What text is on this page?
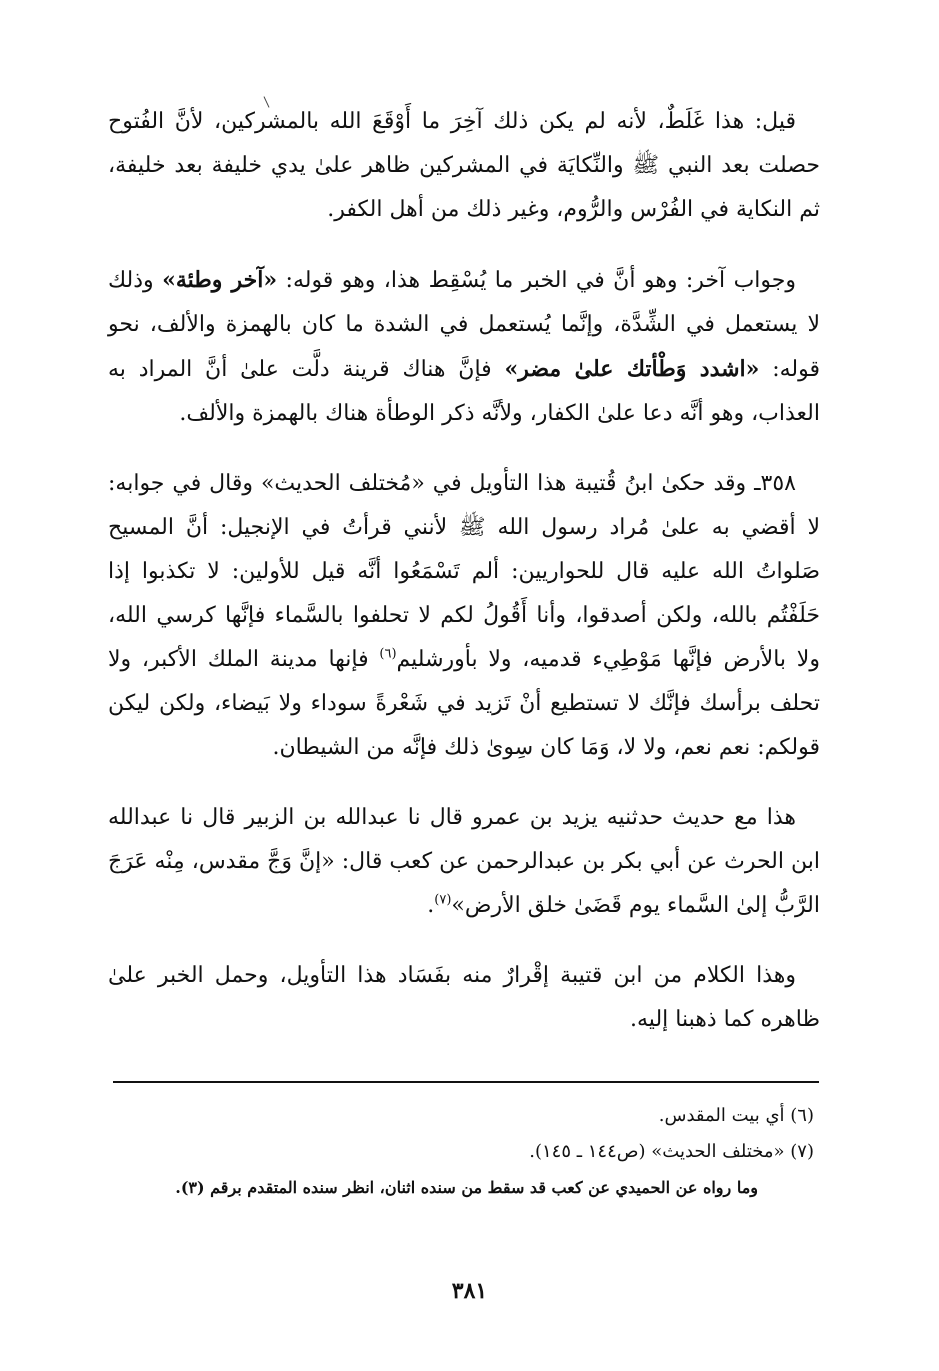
قيل: هذا غَلَطٌ، لأنه لم يكن ذلك آخِرَ ما أَوْقَعَ الله بالمشركين، لأنَّ الفُتوح حصلت بعد النبي ﷺ والنِّكايَة في المشركين ظاهر علىٰ يدي خليفة بعد خليفة، ثم النكاية في الفُرْس والرُّوم، وغير ذلك من أهل الكفر.

وجواب آخر: وهو أنَّ في الخبر ما يُسْقِط هذا، وهو قوله: «آخر وطئة» وذلك لا يستعمل في الشِّدَّة، وإنَّما يُستعمل في الشدة ما كان بالهمزة والألف، نحو قوله: «اشدد وَطْأتك علىٰ مضر» فإنَّ هناك قرينة دلَّت علىٰ أنَّ المراد به العذاب، وهو أنَّه دعا علىٰ الكفار، ولأنَّه ذكر الوطأة هناك بالهمزة والألف.

٣٥٨ـ وقد حكىٰ ابنُ قُتيبة هذا التأويل في «مُختلف الحديث» وقال في جوابه: لا أقضي به علىٰ مُراد رسول الله ﷺ لأنني قرأتُ في الإنجيل: أنَّ المسيح صَلواتُ الله عليه قال للحواريين: ألم تَسْمَعُوا أنَّه قيل للأولين: لا تكذبوا إذا حَلَفْتُم بالله، ولكن أصدقوا، وأنا أَقُولُ لكم لا تحلفوا بالسَّماء فإنَّها كرسي الله، ولا بالأرض فإنَّها مَوْطِيء قدميه، ولا بأورشليم$^{(٦)}$ فإنها مدينة الملك الأكبر، ولا تحلف برأسك فإنَّك لا تستطيع أنْ تَزيد في شَعْرةً سوداء ولا بَيضاء، ولكن ليكن قولكم: نعم نعم، ولا لا، وَمَا كان سِوىٰ ذلك فإنَّه من الشيطان.

هذا مع حديث حدثنيه يزيد بن عمرو قال نا عبدالله بن الزبير قال نا عبدالله ابن الحرث عن أبي بكر بن عبدالرحمن عن كعب قال: «إنَّ وَجَّ مقدس، مِنْه عَرَجَ الرَّبُّ إلىٰ السَّماء يوم قَضَىٰ خلق الأرض»$^{(٧)}$.

وهذا الكلام من ابن قتيبة إقْرارٌ منه بفَسَاد هذا التأويل، وحمل الخبر علىٰ ظاهره كما ذهبنا إليه.

(٦) أي بيت المقدس.

(٧) «مختلف الحديث» (ص١٤٤ ـ ١٤٥).

وما رواه عن الحميدي عن كعب قد سقط من سنده اثنان، انظر سنده المتقدم برقم (٣).

٣٨١
